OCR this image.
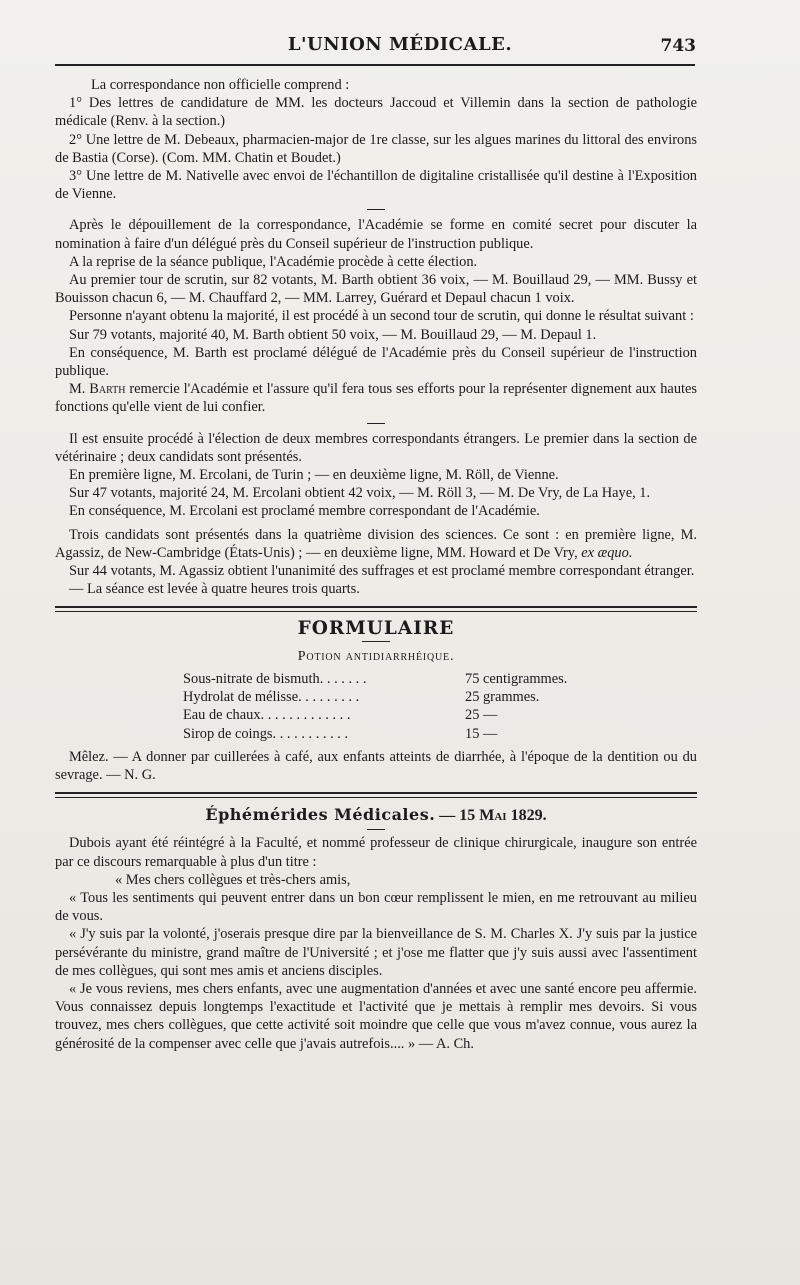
L'UNION MÉDICALE.	743

La correspondance non officielle comprend :

1° Des lettres de candidature de MM. les docteurs Jaccoud et Villemin dans la section de pathologie médicale (Renv. à la section.)

2° Une lettre de M. Debeaux, pharmacien-major de 1re classe, sur les algues marines du littoral des environs de Bastia (Corse). (Com. MM. Chatin et Boudet.)

3° Une lettre de M. Nativelle avec envoi de l'échantillon de digitaline cristallisée qu'il destine à l'Exposition de Vienne.

Après le dépouillement de la correspondance, l'Académie se forme en comité secret pour discuter la nomination à faire d'un délégué près du Conseil supérieur de l'instruction publique.

A la reprise de la séance publique, l'Académie procède à cette élection.

Au premier tour de scrutin, sur 82 votants, M. Barth obtient 36 voix, — M. Bouillaud 29, — MM. Bussy et Bouisson chacun 6, — M. Chauffard 2, — MM. Larrey, Guérard et Depaul chacun 1 voix.

Personne n'ayant obtenu la majorité, il est procédé à un second tour de scrutin, qui donne le résultat suivant :

Sur 79 votants, majorité 40, M. Barth obtient 50 voix, — M. Bouillaud 29, — M. Depaul 1.

En conséquence, M. Barth est proclamé délégué de l'Académie près du Conseil supérieur de l'instruction publique.

M. Barth remercie l'Académie et l'assure qu'il fera tous ses efforts pour la représenter dignement aux hautes fonctions qu'elle vient de lui confier.

Il est ensuite procédé à l'élection de deux membres correspondants étrangers. Le premier dans la section de vétérinaire ; deux candidats sont présentés.

En première ligne, M. Ercolani, de Turin ; — en deuxième ligne, M. Röll, de Vienne.

Sur 47 votants, majorité 24, M. Ercolani obtient 42 voix, — M. Röll 3, — M. De Vry, de La Haye, 1.

En conséquence, M. Ercolani est proclamé membre correspondant de l'Académie.

Trois candidats sont présentés dans la quatrième division des sciences. Ce sont : en première ligne, M. Agassiz, de New-Cambridge (États-Unis) ; — en deuxième ligne, MM. Howard et De Vry, ex æquo.

Sur 44 votants, M. Agassiz obtient l'unanimité des suffrages et est proclamé membre correspondant étranger.

— La séance est levée à quatre heures trois quarts.

FORMULAIRE
Potion antidiarrhéique.
Sous-nitrate de bismuth. . . . . . .	75 centigrammes.
Hydrolat de mélisse. . . . . . . . .	25 grammes.
Eau de chaux. . . . . . . . . . . . .	25 —
Sirop de coings. . . . . . . . . . .	15 —

Mêlez. — A donner par cuillerées à café, aux enfants atteints de diarrhée, à l'époque de la dentition ou du sevrage. — N. G.

Éphémérides Médicales. — 15 Mai 1829.

Dubois ayant été réintégré à la Faculté, et nommé professeur de clinique chirurgicale, inaugure son entrée par ce discours remarquable à plus d'un titre :

« Mes chers collègues et très-chers amis,

« Tous les sentiments qui peuvent entrer dans un bon cœur remplissent le mien, en me retrouvant au milieu de vous.

« J'y suis par la volonté, j'oserais presque dire par la bienveillance de S. M. Charles X. J'y suis par la justice persévérante du ministre, grand maître de l'Université ; et j'ose me flatter que j'y suis aussi avec l'assentiment de mes collègues, qui sont mes amis et anciens disciples.

« Je vous reviens, mes chers enfants, avec une augmentation d'années et avec une santé encore peu affermie. Vous connaissez depuis longtemps l'exactitude et l'activité que je mettais à remplir mes devoirs. Si vous trouvez, mes chers collègues, que cette activité soit moindre que celle que vous m'avez connue, vous aurez la générosité de la compenser avec celle que j'avais autrefois.... » — A. Ch.
